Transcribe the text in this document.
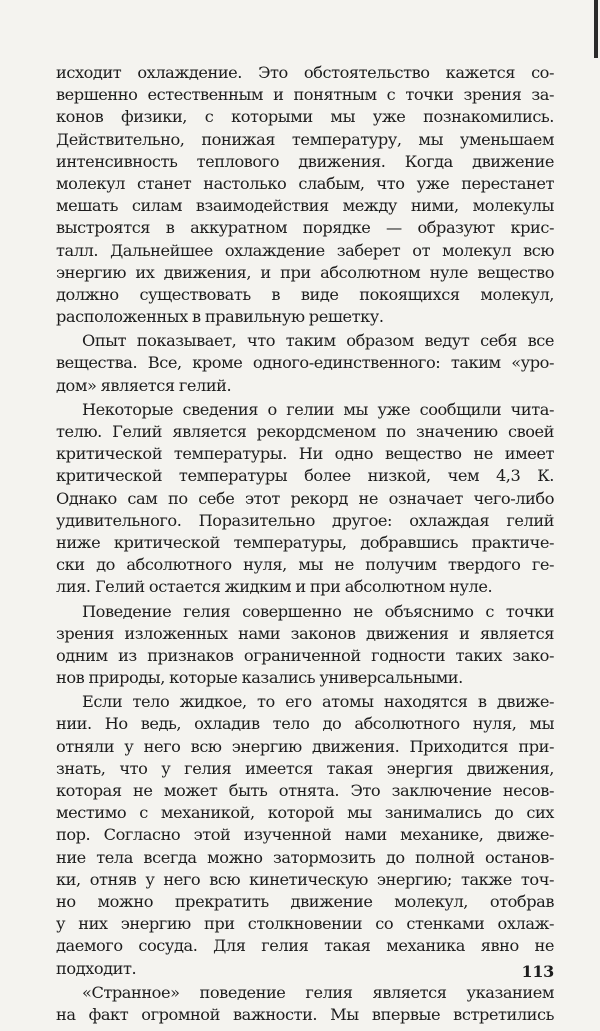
исходит охлаждение. Это обстоятельство кажется со-
вершенно естественным и понятным с точки зрения за-
конов физики, с которыми мы уже познакомились.
Действительно, понижая температуру, мы уменьшаем
интенсивность теплового движения. Когда движение
молекул станет настолько слабым, что уже перестанет
мешать силам взаимодействия между ними, молекулы
выстроятся в аккуратном порядке — образуют крис-
талл. Дальнейшее охлаждение заберет от молекул всю
энергию их движения, и при абсолютном нуле вещество
должно существовать в виде покоящихся молекул,
расположенных в правильную решетку.
Опыт показывает, что таким образом ведут себя все
вещества. Все, кроме одного-единственного: таким «уро-
дом» является гелий.
Некоторые сведения о гелии мы уже сообщили чита-
телю. Гелий является рекордсменом по значению своей
критической температуры. Ни одно вещество не имеет
критической температуры более низкой, чем 4,3 К.
Однако сам по себе этот рекорд не означает чего-либо
удивительного. Поразительно другое: охлаждая гелий
ниже критической температуры, добравшись практиче-
ски до абсолютного нуля, мы не получим твердого ге-
лия. Гелий остается жидким и при абсолютном нуле.
Поведение гелия совершенно не объяснимо с точки
зрения изложенных нами законов движения и является
одним из признаков ограниченной годности таких зако-
нов природы, которые казались универсальными.
Если тело жидкое, то его атомы находятся в движе-
нии. Но ведь, охладив тело до абсолютного нуля, мы
отняли у него всю энергию движения. Приходится при-
знать, что у гелия имеется такая энергия движения,
которая не может быть отнята. Это заключение несов-
местимо с механикой, которой мы занимались до сих
пор. Согласно этой изученной нами механике, движе-
ние тела всегда можно затормозить до полной останов-
ки, отняв у него всю кинетическую энергию; также точ-
но можно прекратить движение молекул, отобрав
у них энергию при столкновении со стенками охлаж-
даемого сосуда. Для гелия такая механика явно не
подходит.
«Странное» поведение гелия является указанием
на факт огромной важности. Мы впервые встретились
113
